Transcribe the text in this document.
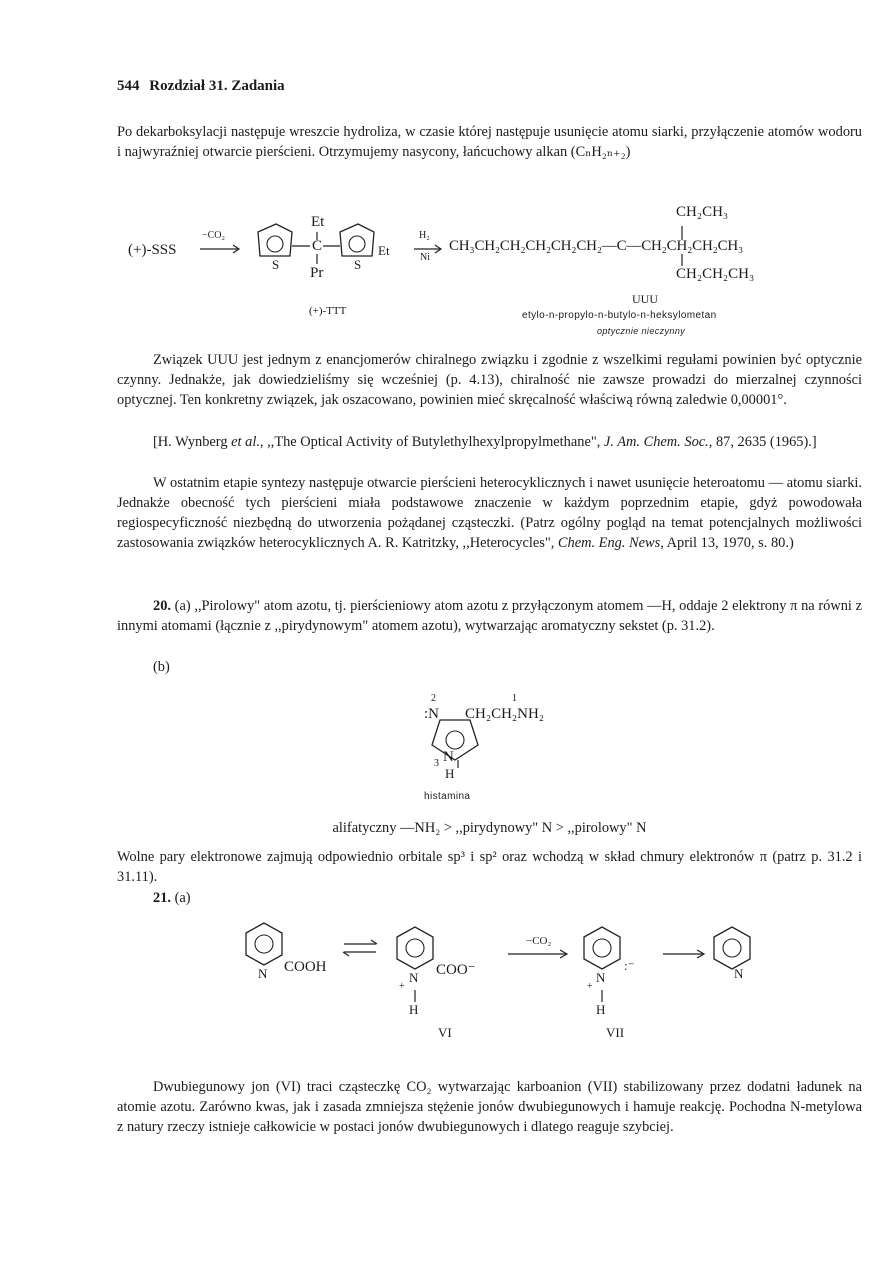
544 Rozdział 31. Zadania

Po dekarboksylacji następuje wreszcie hydroliza, w czasie której następuje usunięcie atomu siarki, przyłączenie atomów wodoru i najwyraźniej otwarcie pierścieni. Otrzymujemy nasycony, łańcuchowy alkan (CₙH₂ₙ₊₂)

(+)-SSS
−CO₂
Et
C
Pr
S	S
Et
H₂
Ni
(+)-TTT
CH₃CH₂CH₂CH₂CH₂CH₂—C—CH₂CH₂CH₂CH₃
CH₂CH₃
CH₂CH₂CH₃
UUU
etylo-n-propylo-n-butylo-n-heksylometan
optycznie nieczynny

Związek UUU jest jednym z enancjomerów chiralnego związku i zgodnie z wszelkimi regułami powinien być optycznie czynny. Jednakże, jak dowiedzieliśmy się wcześniej (p. 4.13), chiralność nie zawsze prowadzi do mierzalnej czynności optycznej. Ten konkretny związek, jak oszacowano, powinien mieć skręcalność właściwą równą zaledwie 0,00001°.

[H. Wynberg et al., ,,The Optical Activity of Butylethylhexylpropylmethane", J. Am. Chem. Soc., 87, 2635 (1965).]

W ostatnim etapie syntezy następuje otwarcie pierścieni heterocyklicznych i nawet usunięcie heteroatomu — atomu siarki. Jednakże obecność tych pierścieni miała podstawowe znaczenie w każdym poprzednim etapie, gdyż powodowała regiospecyficzność niezbędną do utworzenia pożądanej cząsteczki. (Patrz ogólny pogląd na temat potencjalnych możliwości zastosowania związków heterocyklicznych A. R. Katritzky, ,,Heterocycles", Chem. Eng. News, April 13, 1970, s. 80.)

20. (a) ,,Pirolowy" atom azotu, tj. pierścieniowy atom azotu z przyłączonym atomem —H, oddaje 2 elektrony π na równi z innymi atomami (łącznie z ,,pirydynowym" atomem azotu), wytwarzając aromatyczny sekstet (p. 31.2).

(b)

2	1
:N CH₂CH₂NH₂
3 N
H
histamina

alifatyczny —NH₂ > ,,pirydynowy" N > ,,pirolowy" N

Wolne pary elektronowe zajmują odpowiednio orbitale sp³ i sp² oraz wchodzą w skład chmury elektronów π (patrz p. 31.2 i 31.11).

21. (a)

COOH
N	COO⁻
N
+
H
−CO₂
N
+
H
:⁻
N
VI	VII

Dwubiegunowy jon (VI) traci cząsteczkę CO₂ wytwarzając karboanion (VII) stabilizowany przez dodatni ładunek na atomie azotu. Zarówno kwas, jak i zasada zmniejsza stężenie jonów dwubiegunowych i hamuje reakcję. Pochodna N-metylowa z natury rzeczy istnieje całkowicie w postaci jonów dwubiegunowych i dlatego reaguje szybciej.
